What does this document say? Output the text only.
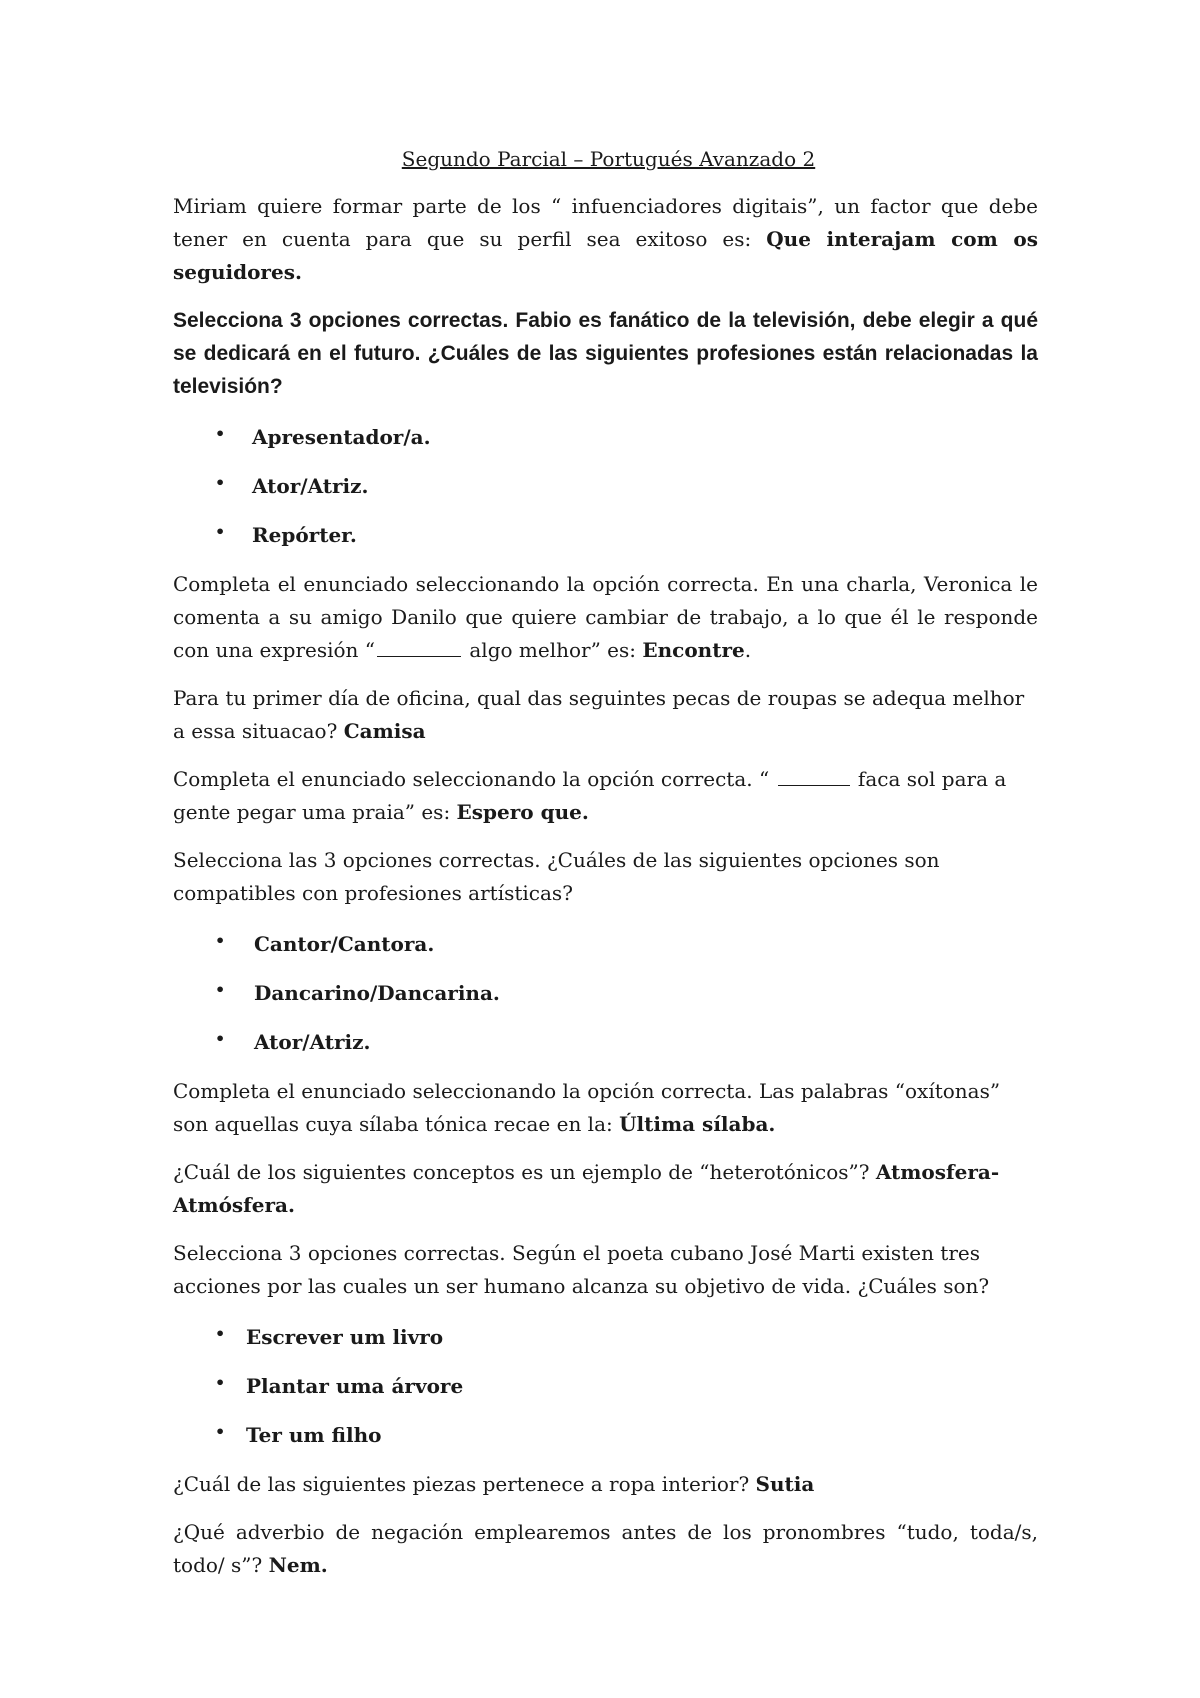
Segundo Parcial – Portugués Avanzado 2

Miriam quiere formar parte de los “ infuenciadores digitais”, un factor que debe tener en cuenta para que su perfil sea exitoso es: Que interajam com os seguidores.

Selecciona 3 opciones correctas. Fabio es fanático de la televisión, debe elegir a qué se dedicará en el futuro. ¿Cuáles de las siguientes profesiones están relacionadas la televisión?

• Apresentador/a.
• Ator/Atriz.
• Repórter.

Completa el enunciado seleccionando la opción correcta. En una charla, Veronica le comenta a su amigo Danilo que quiere cambiar de trabajo, a lo que él le responde con una expresión “	algo melhor” es: Encontre.

Para tu primer día de oficina, qual das seguintes pecas de roupas se adequa melhor a essa situacao? Camisa

Completa el enunciado seleccionando la opción correcta. “	faca sol para a gente pegar uma praia” es: Espero que.

Selecciona las 3 opciones correctas. ¿Cuáles de las siguientes opciones son compatibles con profesiones artísticas?

• Cantor/Cantora.
• Dancarino/Dancarina.
• Ator/Atriz.

Completa el enunciado seleccionando la opción correcta. Las palabras “oxítonas” son aquellas cuya sílaba tónica recae en la: Última sílaba.

¿Cuál de los siguientes conceptos es un ejemplo de “heterotónicos”? Atmosfera- Atmósfera.

Selecciona 3 opciones correctas. Según el poeta cubano José Marti existen tres acciones por las cuales un ser humano alcanza su objetivo de vida. ¿Cuáles son?

• Escrever um livro
• Plantar uma árvore
• Ter um filho

¿Cuál de las siguientes piezas pertenece a ropa interior? Sutia

¿Qué adverbio de negación emplearemos antes de los pronombres “tudo, toda/s, todo/ s”? Nem.
